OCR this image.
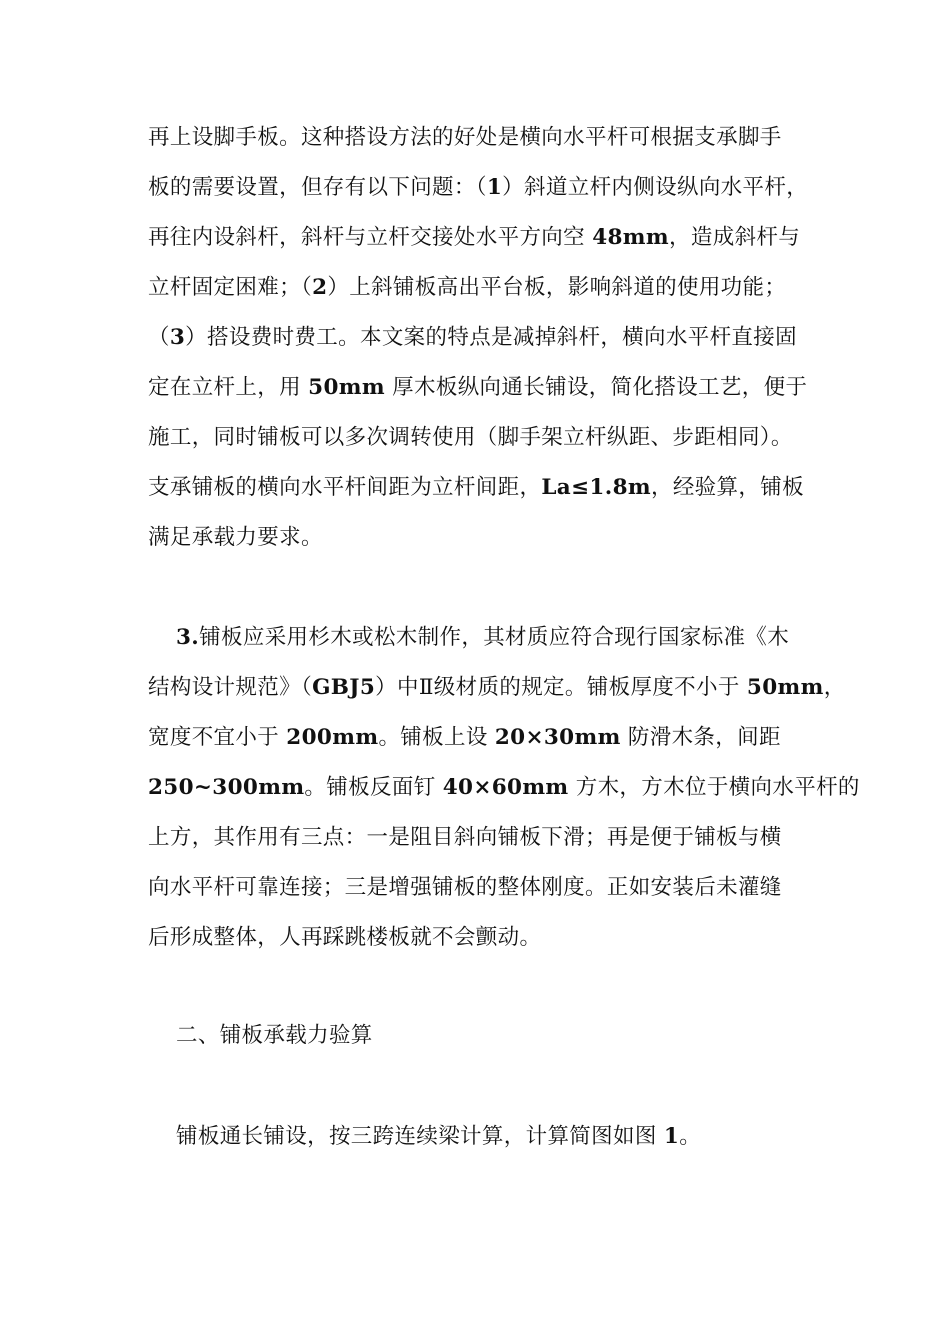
再上设脚手板。这种搭设方法的好处是横向水平杆可根据支承脚手
板的需要设置，但存有以下问题：（1）斜道立杆内侧设纵向水平杆，
再往内设斜杆，斜杆与立杆交接处水平方向空 48mm，造成斜杆与
立杆固定困难；（2）上斜铺板高出平台板，影响斜道的使用功能；
（3）搭设费时费工。本文案的特点是减掉斜杆，横向水平杆直接固
定在立杆上，用 50mm 厚木板纵向通长铺设，简化搭设工艺，便于
施工，同时铺板可以多次调转使用（脚手架立杆纵距、步距相同）。
支承铺板的横向水平杆间距为立杆间距，La≤1.8m，经验算，铺板
满足承载力要求。
3.铺板应采用杉木或松木制作，其材质应符合现行国家标准《木
结构设计规范》（GBJ5）中Ⅱ级材质的规定。铺板厚度不小于 50mm，
宽度不宜小于 200mm。铺板上设 20×30mm 防滑木条，间距
250~300mm。铺板反面钉 40×60mm 方木，方木位于横向水平杆的
上方，其作用有三点：一是阻目斜向铺板下滑；再是便于铺板与横
向水平杆可靠连接；三是增强铺板的整体刚度。正如安装后未灌缝
后形成整体，人再踩跳楼板就不会颤动。
二、铺板承载力验算
铺板通长铺设，按三跨连续梁计算，计算简图如图 1。
